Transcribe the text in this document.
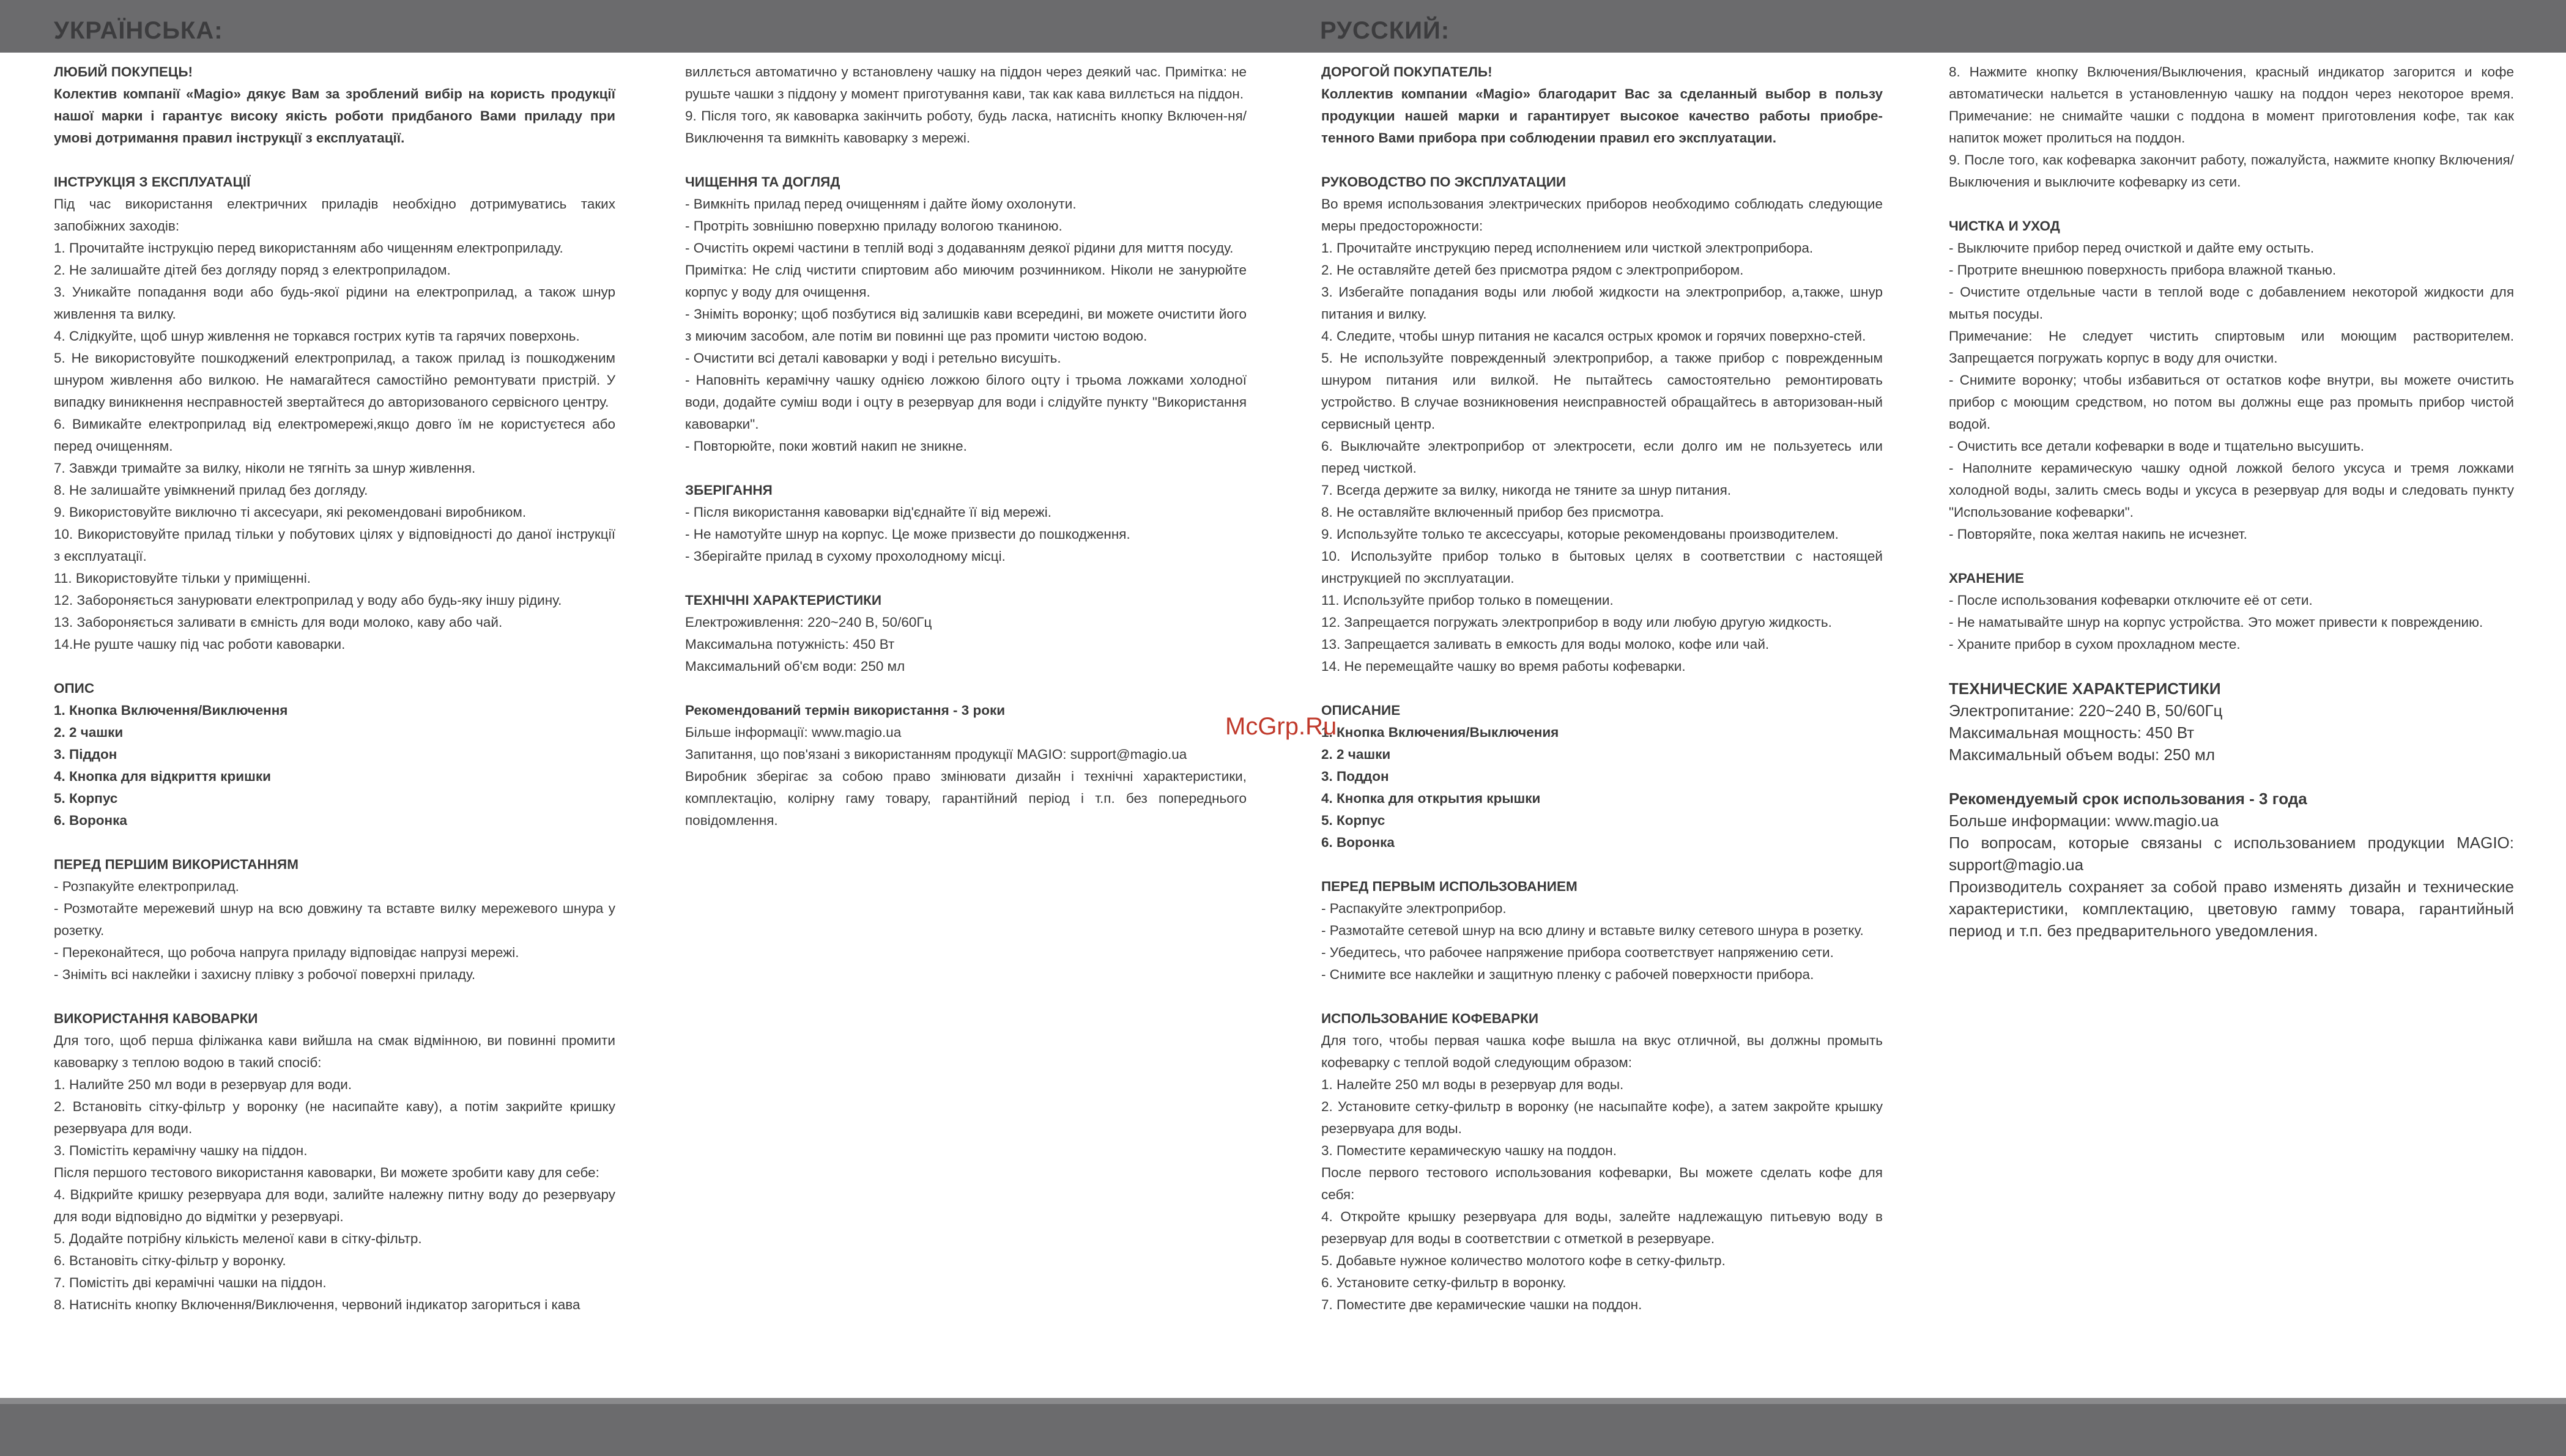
УКРАЇНСЬКА:	РУССКИЙ:

ЛЮБИЙ ПОКУПЕЦЬ!

Колектив компанії «Magio» дякує Вам за зроблений вибір на користь продукції нашої марки і гарантує високу якість роботи придбаного Вами приладу при умові дотримання правил інструкції з експлуатації.

ІНСТРУКЦІЯ З ЕКСПЛУАТАЦІЇ

Під час використання електричних приладів необхідно дотримуватись таких запобіжних заходів:

1. Прочитайте інструкцію перед використанням або чищенням електроприладу.

2. Не залишайте дітей без догляду поряд з електроприладом.

3. Уникайте попадання води або будь-якої рідини на електроприлад, а також шнур живлення та вилку.

4. Слідкуйте, щоб шнур живлення не торкався гострих кутів та гарячих поверхонь.

5. Не використовуйте пошкоджений електроприлад, а також прилад із пошкодженим шнуром живлення або вилкою. Не намагайтеся самостійно ремонтувати пристрій. У випадку виникнення несправностей звертайтеся до авторизованого сервісного центру.

6. Вимикайте електроприлад від електромережі,якщо довго їм не користуєтеся або перед очищенням.

7. Завжди тримайте за вилку, ніколи не тягніть за шнур живлення.

8. Не залишайте увімкнений прилад без догляду.

9. Використовуйте виключно ті аксесуари, які рекомендовані виробником.

10. Використовуйте прилад тільки у побутових цілях у відповідності до даної інструкції з експлуатації.

11. Використовуйте тільки у приміщенні.

12. Забороняється занурювати електроприлад у воду або будь-яку іншу рідину.

13. Забороняється заливати в ємність для води молоко, каву або чай.

14.Не руште чашку під час роботи кавоварки.

ОПИС

1. Кнопка Включення/Виключення

2. 2 чашки

3. Піддон

4. Кнопка для відкриття кришки

5. Корпус

6. Воронка

ПЕРЕД ПЕРШИМ ВИКОРИСТАННЯМ

- Розпакуйте електроприлад.

- Розмотайте мережевий шнур на всю довжину та вставте вилку мережевого шнура у розетку.

- Переконайтеся, що робоча напруга приладу відповідає напрузі мережі.

- Зніміть всі наклейки і захисну плівку з робочої поверхні приладу.

ВИКОРИСТАННЯ КАВОВАРКИ

Для того, щоб перша філіжанка кави вийшла на смак відмінною, ви повинні промити кавоварку з теплою водою в такий спосіб:

1. Налийте 250 мл води в резервуар для води.

2. Встановіть сітку-фільтр у воронку (не насипайте каву), а потім закрийте кришку резервуара для води.

3. Помістіть керамічну чашку на піддон.

Після першого тестового використання кавоварки, Ви можете зробити каву для себе:

4. Відкрийте кришку резервуара для води, залийте належну питну воду до резервуару для води відповідно до відмітки у резервуарі.

5. Додайте потрібну кількість меленої кави в сітку-фільтр.

6. Встановіть сітку-фільтр у воронку.

7. Помістіть дві керамічні чашки на піддон.

8. Натисніть кнопку Включення/Виключення, червоний індикатор загориться і кава

виллється автоматично у встановлену чашку на піддон через деякий час. Примітка: не рушьте чашки з піддону у момент приготування кави, так как кава виллється на піддон.

9. Після того, як кавоварка закінчить роботу, будь ласка, натисніть кнопку Включен-ня/Виключення та вимкніть кавоварку з мережі.

ЧИЩЕННЯ ТА ДОГЛЯД

- Вимкніть прилад перед очищенням і дайте йому охолонути.

- Протріть зовнішню поверхню приладу вологою тканиною.

- Очистіть окремі частини в теплій воді з додаванням деякої рідини для миття посуду.

Примітка: Не слід чистити спиртовим або миючим розчинником. Ніколи не занурюйте корпус у воду для очищення.

- Зніміть воронку; щоб позбутися від залишків кави всередині, ви можете очистити його з миючим засобом, але потім ви повинні ще раз промити чистою водою.

- Очистити всі деталі кавоварки у воді і ретельно висушіть.

- Наповніть керамічну чашку однією ложкою білого оцту і трьома ложками холодної води, додайте суміш води і оцту в резервуар для води і слідуйте пункту "Використання кавоварки".

- Повторюйте, поки жовтий накип не зникне.

ЗБЕРІГАННЯ

- Після використання кавоварки від'єднайте її від мережі.

- Не намотуйте шнур на корпус. Це може призвести до пошкодження.

- Зберігайте прилад в сухому прохолодному місці.

ТЕХНІЧНІ ХАРАКТЕРИСТИКИ

Електроживлення: 220~240 В, 50/60Гц

Максимальна потужність: 450 Вт

Максимальний об'єм води: 250 мл

Рекомендований термін використання - 3 роки

Більше інформації: www.magio.ua

Запитання, що пов'язані з використанням продукції MAGIO: support@magio.ua

Виробник зберігає за собою право змінювати дизайн і технічні характеристики, комплектацію, колірну гаму товару, гарантійний період і т.п. без попереднього повідомлення.

ДОРОГОЙ ПОКУПАТЕЛЬ!

Коллектив компании «Magio» благодарит Вас за сделанный выбор в пользу продукции нашей марки и гарантирует высокое качество работы приобре-тенного Вами прибора при соблюдении правил его эксплуатации.

РУКОВОДСТВО ПО ЭКСПЛУАТАЦИИ

Во время использования электрических приборов необходимо соблюдать следующие меры предосторожности:

1. Прочитайте инструкцию перед исполнением или чисткой электроприбора.

2. Не оставляйте детей без присмотра рядом с электроприбором.

3. Избегайте попадания воды или любой жидкости на электроприбор, а,также, шнур питания и вилку.

4. Следите, чтобы шнур питания не касался острых кромок и горячих поверхно-стей.

5. Не используйте поврежденный электроприбор, а также прибор с поврежденным шнуром питания или вилкой. Не пытайтесь самостоятельно ремонтировать устройство. В случае возникновения неисправностей обращайтесь в авторизован-ный сервисный центр.

6. Выключайте электроприбор от электросети, если долго им не пользуетесь или перед чисткой.

7. Всегда держите за вилку, никогда не тяните за шнур питания.

8. Не оставляйте включенный прибор без присмотра.

9. Используйте только те аксессуары, которые рекомендованы производителем.

10. Используйте прибор только в бытовых целях в соответствии с настоящей инструкцией по эксплуатации.

11. Используйте прибор только в помещении.

12. Запрещается погружать электроприбор в воду или любую другую жидкость.

13. Запрещается заливать в емкость для воды молоко, кофе или чай.

14. Не перемещайте чашку во время работы кофеварки.

ОПИСАНИЕ

1. Кнопка Включения/Выключения

2. 2 чашки

3. Поддон

4. Кнопка для открытия крышки

5. Корпус

6. Воронка

ПЕРЕД ПЕРВЫМ ИСПОЛЬЗОВАНИЕМ

- Распакуйте электроприбор.

- Размотайте сетевой шнур на всю длину и вставьте вилку сетевого шнура в розетку.

- Убедитесь, что рабочее напряжение прибора соответствует напряжению сети.

- Снимите все наклейки и защитную пленку с рабочей поверхности прибора.

ИСПОЛЬЗОВАНИЕ КОФЕВАРКИ

Для того, чтобы первая чашка кофе вышла на вкус отличной, вы должны промыть кофеварку с теплой водой следующим образом:

1. Налейте 250 мл воды в резервуар для воды.

2. Установите сетку-фильтр в воронку (не насыпайте кофе), а затем закройте крышку резервуара для воды.

3. Поместите керамическую чашку на поддон.

После первого тестового использования кофеварки, Вы можете сделать кофе для себя:

4. Откройте крышку резервуара для воды, залейте надлежащую питьевую воду в резервуар для воды в соответствии с отметкой в резервуаре.

5. Добавьте нужное количество молотого кофе в сетку-фильтр.

6. Установите сетку-фильтр в воронку.

7. Поместите две керамические чашки на поддон.

8. Нажмите кнопку Включения/Выключения, красный индикатор загорится и кофе автоматически нальется в установленную чашку на поддон через некоторое время. Примечание: не снимайте чашки с поддона в момент приготовления кофе, так как напиток может пролиться на поддон.

9. После того, как кофеварка закончит работу, пожалуйста, нажмите кнопку Включения/Выключения и выключите кофеварку из сети.

ЧИСТКА И УХОД

- Выключите прибор перед очисткой и дайте ему остыть.

- Протрите внешнюю поверхность прибора влажной тканью.

- Очистите отдельные части в теплой воде с добавлением некоторой жидкости для мытья посуды.

Примечание: Не следует чистить спиртовым или моющим растворителем. Запрещается погружать корпус в воду для очистки.

- Снимите воронку; чтобы избавиться от остатков кофе внутри, вы можете очистить прибор с моющим средством, но потом вы должны еще раз промыть прибор чистой водой.

- Очистить все детали кофеварки в воде и тщательно высушить.

- Наполните керамическую чашку одной ложкой белого уксуса и тремя ложками холодной воды, залить смесь воды и уксуса в резервуар для воды и следовать пункту "Использование кофеварки".

- Повторяйте, пока желтая накипь не исчезнет.

ХРАНЕНИЕ

- После использования кофеварки отключите её от сети.

- Не наматывайте шнур на корпус устройства. Это может привести к повреждению.

- Храните прибор в сухом прохладном месте.

ТЕХНИЧЕСКИЕ ХАРАКТЕРИСТИКИ

Электропитание: 220~240 В, 50/60Гц

Максимальная мощность: 450 Вт

Максимальный объем воды: 250 мл

Рекомендуемый срок использования - 3 года

Больше информации: www.magio.ua

По вопросам, которые связаны с использованием продукции MAGIO: support@magio.ua

Производитель сохраняет за собой право изменять дизайн и технические характеристики, комплектацию, цветовую гамму товара, гарантийный период и т.п. без предварительного уведомления.

McGrp.Ru
